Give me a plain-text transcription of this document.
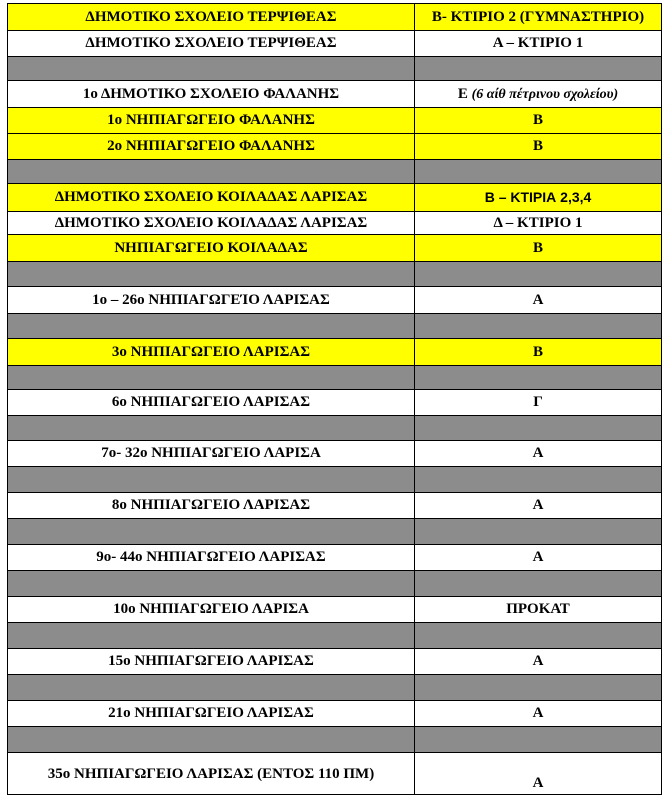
ΔΗΜΟΤΙΚΟ ΣΧΟΛΕΙΟ ΤΕΡΨΙΘΕΑΣ	Β- ΚΤΙΡΙΟ 2 (ΓΥΜΝΑΣΤΗΡΙΟ)
ΔΗΜΟΤΙΚΟ ΣΧΟΛΕΙΟ ΤΕΡΨΙΘΕΑΣ	Α – ΚΤΙΡΙΟ 1

1ο ΔΗΜΟΤΙΚΟ ΣΧΟΛΕΙΟ ΦΑΛΑΝΗΣ	Ε (6 αίθ πέτρινου σχολείου)
1ο ΝΗΠΙΑΓΩΓΕΙΟ ΦΑΛΑΝΗΣ	Β
2ο ΝΗΠΙΑΓΩΓΕΙΟ ΦΑΛΑΝΗΣ	Β

ΔΗΜΟΤΙΚΟ ΣΧΟΛΕΙΟ ΚΟΙΛΑΔΑΣ ΛΑΡΙΣΑΣ	Β – ΚΤΙΡΙΑ 2,3,4
ΔΗΜΟΤΙΚΟ ΣΧΟΛΕΙΟ ΚΟΙΛΑΔΑΣ ΛΑΡΙΣΑΣ	Δ – ΚΤΙΡΙΟ 1
ΝΗΠΙΑΓΩΓΕΙΟ ΚΟΙΛΑΔΑΣ	Β

1ο – 26ο ΝΗΠΙΑΓΩΓΕΊΟ ΛΑΡΙΣΑΣ	Α

3ο ΝΗΠΙΑΓΩΓΕΙΟ ΛΑΡΙΣΑΣ	Β

6ο ΝΗΠΙΑΓΩΓΕΙΟ ΛΑΡΙΣΑΣ	Γ

7ο- 32ο ΝΗΠΙΑΓΩΓΕΙΟ ΛΑΡΙΣΑ	Α

8ο ΝΗΠΙΑΓΩΓΕΙΟ ΛΑΡΙΣΑΣ	Α

9ο- 44ο ΝΗΠΙΑΓΩΓΕΙΟ ΛΑΡΙΣΑΣ	Α

10ο ΝΗΠΙΑΓΩΓΕΙΟ ΛΑΡΙΣΑ	ΠΡΟΚΑΤ

15ο ΝΗΠΙΑΓΩΓΕΙΟ ΛΑΡΙΣΑΣ	Α

21ο ΝΗΠΙΑΓΩΓΕΙΟ ΛΑΡΙΣΑΣ	Α

35ο ΝΗΠΙΑΓΩΓΕΙΟ ΛΑΡΙΣΑΣ (ΕΝΤΟΣ 110 ΠΜ)	Α
